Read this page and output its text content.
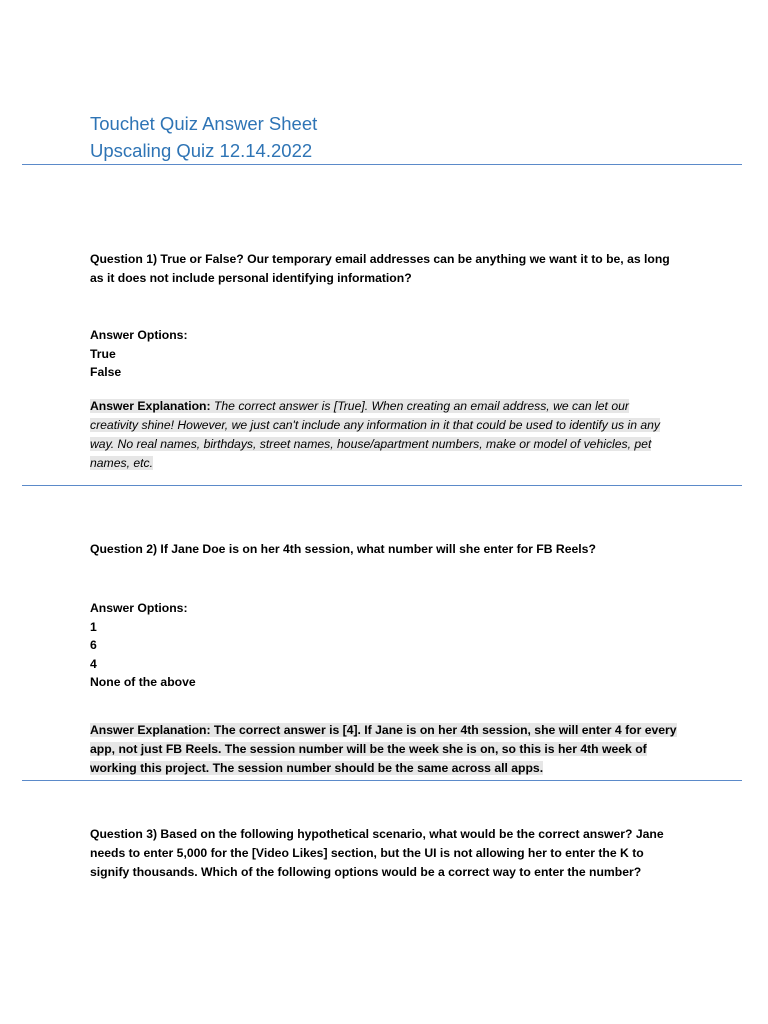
Touchet Quiz Answer Sheet
Upscaling Quiz 12.14.2022
Question 1) True or False? Our temporary email addresses can be anything we want it to be, as long as it does not include personal identifying information?
Answer Options:
True
False
Answer Explanation: The correct answer is [True]. When creating an email address, we can let our creativity shine! However, we just can't include any information in it that could be used to identify us in any way. No real names, birthdays, street names, house/apartment numbers, make or model of vehicles, pet names, etc.
Question 2) If Jane Doe is on her 4th session, what number will she enter for FB Reels?
Answer Options:
1
6
4
None of the above
Answer Explanation: The correct answer is [4]. If Jane is on her 4th session, she will enter 4 for every app, not just FB Reels. The session number will be the week she is on, so this is her 4th week of working this project. The session number should be the same across all apps.
Question 3) Based on the following hypothetical scenario, what would be the correct answer? Jane needs to enter 5,000 for the [Video Likes] section, but the UI is not allowing her to enter the K to signify thousands. Which of the following options would be a correct way to enter the number?
